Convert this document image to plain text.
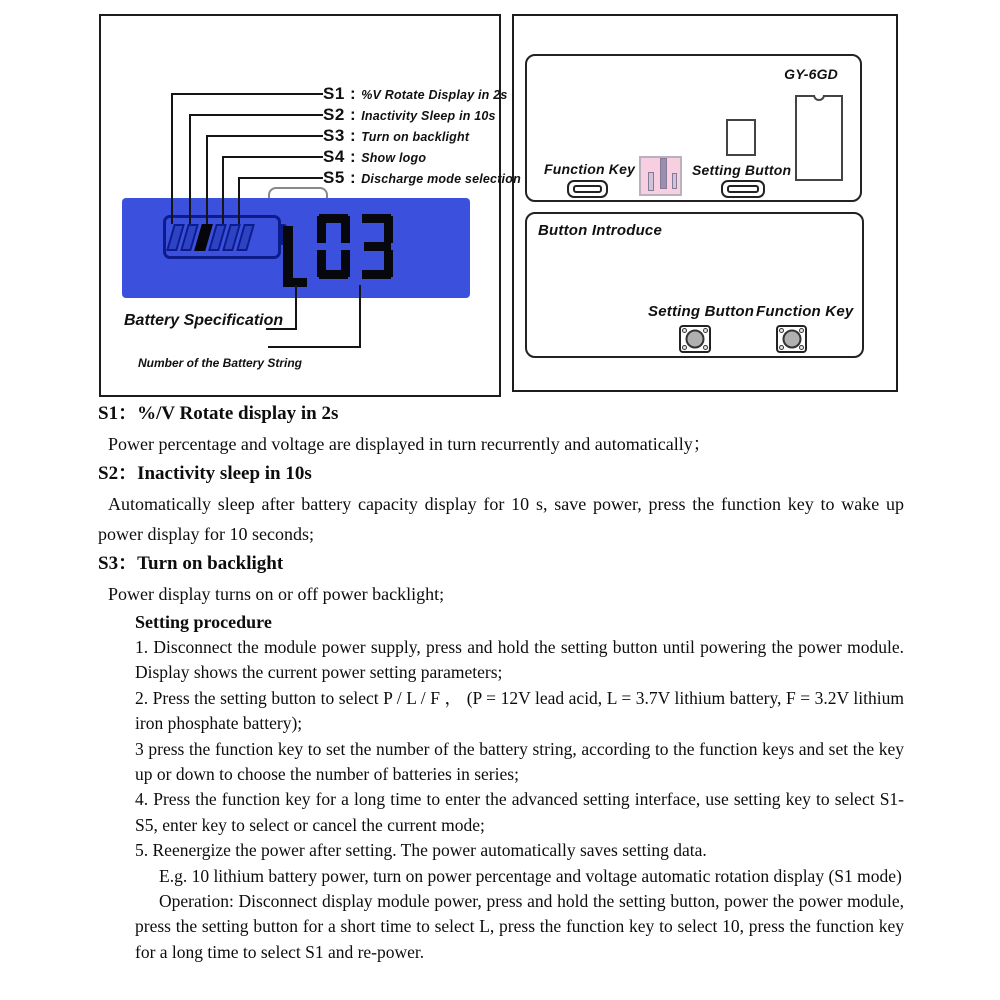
S1 : %V Rotate Display in 2s
S2 : Inactivity Sleep in 10s
S3 : Turn on backlight
S4 : Show logo
S5 : Discharge mode selection
Battery Specification
Number of the Battery String
GY-6GD
Function Key	Setting Button
Button Introduce
Setting Button Function Key
S1：%/V Rotate display in 2s
Power percentage and voltage are displayed in turn recurrently and automatically；
S2：Inactivity sleep in 10s
Automatically sleep after battery capacity display for 10 s, save power, press the function key to wake up power display for 10 seconds;
S3：Turn on backlight
Power display turns on or off power backlight;
Setting procedure
1. Disconnect the module power supply, press and hold the setting button until powering the power module. Display shows the current power setting parameters;
2. Press the setting button to select P / L / F ， (P = 12V lead acid, L = 3.7V lithium battery, F = 3.2V lithium iron phosphate battery);
3 press the function key to set the number of the battery string, according to the function keys and set the key up or down to choose the number of batteries in series;
4. Press the function key for a long time to enter the advanced setting interface, use setting key to select S1-S5, enter key to select or cancel the current mode;
5. Reenergize the power after setting. The power automatically saves setting data.
E.g. 10 lithium battery power, turn on power percentage and voltage automatic rotation display (S1 mode)
Operation: Disconnect display module power, press and hold the setting button, power the power module, press the setting button for a short time to select L, press the function key to select 10, press the function key for a long time to select S1 and re-power.
